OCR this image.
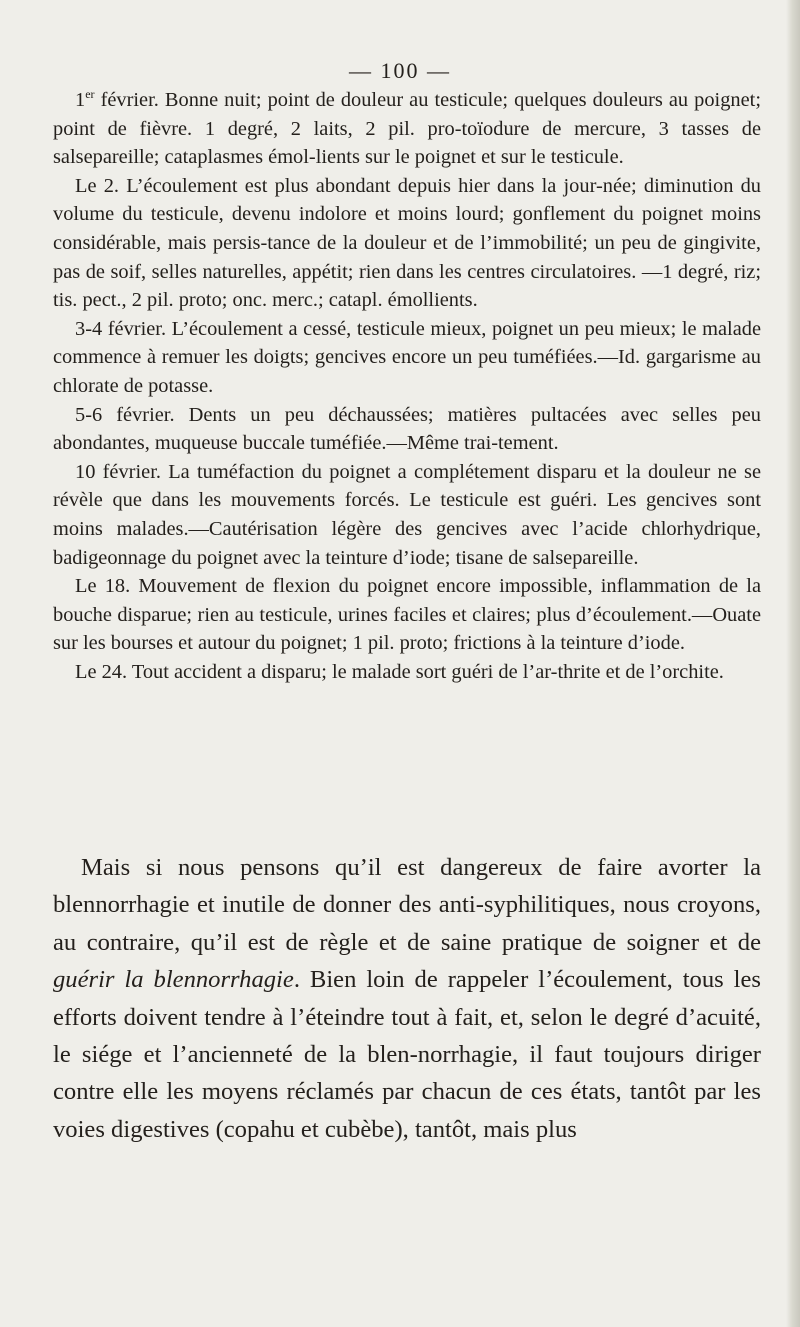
— 100 —

1er février. Bonne nuit; point de douleur au testicule; quelques douleurs au poignet; point de fièvre. 1 degré, 2 laits, 2 pil. pro-toïodure de mercure, 3 tasses de salsepareille; cataplasmes émol-lients sur le poignet et sur le testicule.

Le 2. L’écoulement est plus abondant depuis hier dans la jour-née; diminution du volume du testicule, devenu indolore et moins lourd; gonflement du poignet moins considérable, mais persis-tance de la douleur et de l’immobilité; un peu de gingivite, pas de soif, selles naturelles, appétit; rien dans les centres circulatoires. —1 degré, riz; tis. pect., 2 pil. proto; onc. merc.; catapl. émollients.

3-4 février. L’écoulement a cessé, testicule mieux, poignet un peu mieux; le malade commence à remuer les doigts; gencives encore un peu tuméfiées.—Id. gargarisme au chlorate de potasse.

5-6 février. Dents un peu déchaussées; matières pultacées avec selles peu abondantes, muqueuse buccale tuméfiée.—Même trai-tement.

10 février. La tuméfaction du poignet a complétement disparu et la douleur ne se révèle que dans les mouvements forcés. Le testicule est guéri. Les gencives sont moins malades.—Cautérisation légère des gencives avec l’acide chlorhydrique, badigeonnage du poignet avec la teinture d’iode; tisane de salsepareille.

Le 18. Mouvement de flexion du poignet encore impossible, inflammation de la bouche disparue; rien au testicule, urines faciles et claires; plus d’écoulement.—Ouate sur les bourses et autour du poignet; 1 pil. proto; frictions à la teinture d’iode.

Le 24. Tout accident a disparu; le malade sort guéri de l’ar-thrite et de l’orchite.

Mais si nous pensons qu’il est dangereux de faire avorter la blennorrhagie et inutile de donner des anti-syphilitiques, nous croyons, au contraire, qu’il est de règle et de saine pratique de soigner et de guérir la blennorrhagie. Bien loin de rappeler l’écoulement, tous les efforts doivent tendre à l’éteindre tout à fait, et, selon le degré d’acuité, le siége et l’ancienneté de la blen-norrhagie, il faut toujours diriger contre elle les moyens réclamés par chacun de ces états, tantôt par les voies digestives (copahu et cubèbe), tantôt, mais plus
